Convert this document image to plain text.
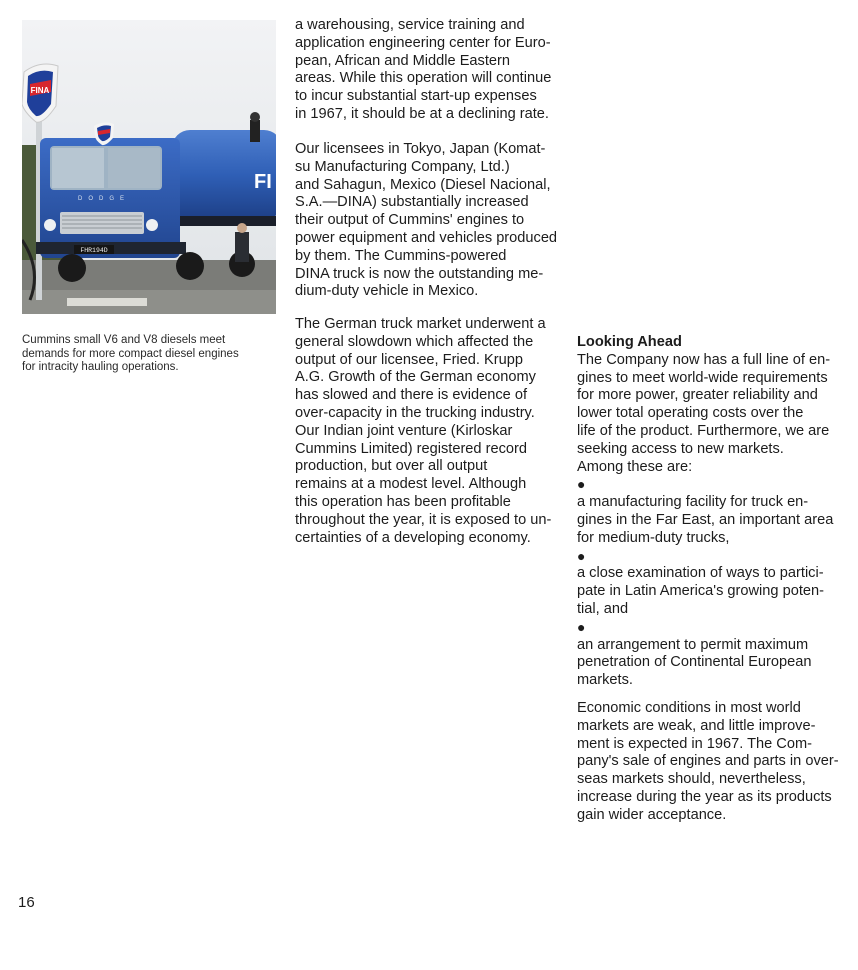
FINA
FI
DODGE
FHR194D

Cummins small V6 and V8 diesels meet
demands for more compact diesel engines
for intracity hauling operations.

a warehousing, service training and
application engineering center for Euro-
pean, African and Middle Eastern
areas. While this operation will continue
to incur substantial start-up expenses
in 1967, it should be at a declining rate.

Our licensees in Tokyo, Japan (Komat-
su Manufacturing Company, Ltd.)
and Sahagun, Mexico (Diesel Nacional,
S.A.—DINA) substantially increased
their output of Cummins' engines to
power equipment and vehicles produced
by them. The Cummins-powered
DINA truck is now the outstanding me-
dium-duty vehicle in Mexico.

The German truck market underwent a
general slowdown which affected the
output of our licensee, Fried. Krupp
A.G. Growth of the German economy
has slowed and there is evidence of
over-capacity in the trucking industry.
Our Indian joint venture (Kirloskar
Cummins Limited) registered record
production, but over all output
remains at a modest level. Although
this operation has been profitable
throughout the year, it is exposed to un-
certainties of a developing economy.

Looking Ahead

The Company now has a full line of en-
gines to meet world-wide requirements
for more power, greater reliability and
lower total operating costs over the
life of the product. Furthermore, we are
seeking access to new markets.
Among these are:

●

a manufacturing facility for truck en-
gines in the Far East, an important area
for medium-duty trucks,

●

a close examination of ways to partici-
pate in Latin America's growing poten-
tial, and

●

an arrangement to permit maximum
penetration of Continental European
markets.

Economic conditions in most world
markets are weak, and little improve-
ment is expected in 1967. The Com-
pany's sale of engines and parts in over-
seas markets should, nevertheless,
increase during the year as its products
gain wider acceptance.

16
